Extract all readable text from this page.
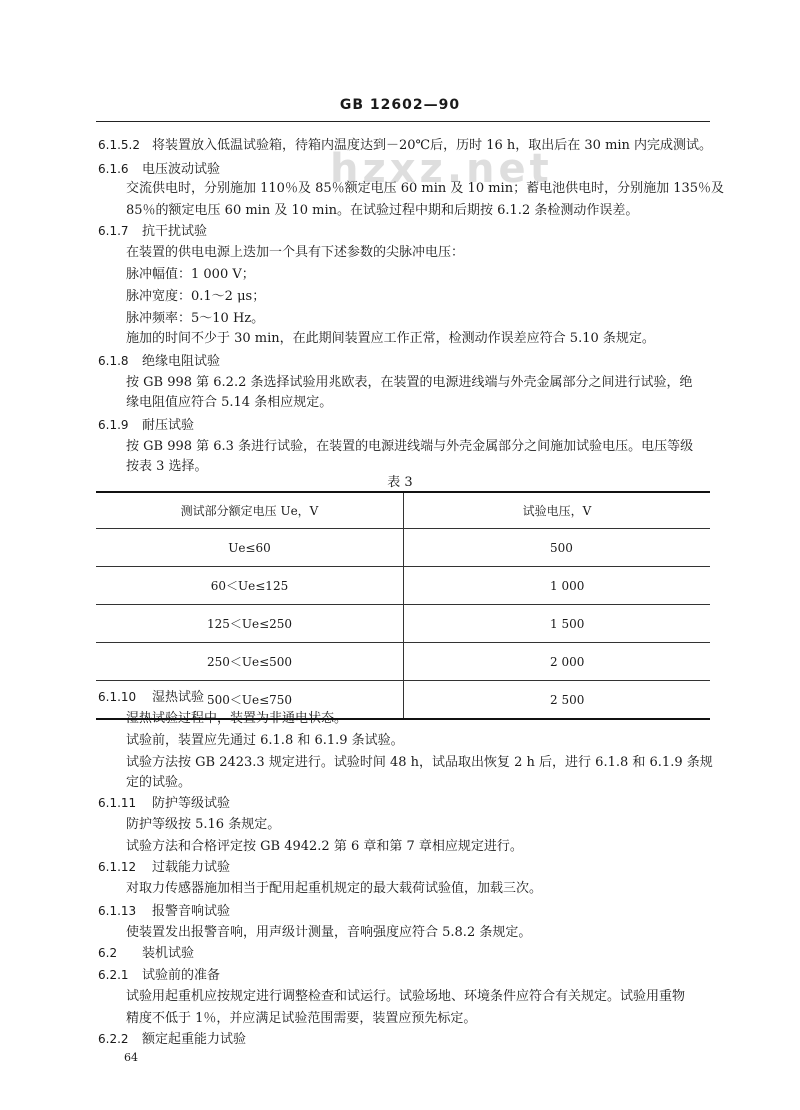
GB 12602—90
hzxz.net
6.1.5.2 将装置放入低温试验箱，待箱内温度达到－20℃后，历时 16 h，取出后在 30 min 内完成测试。
6.1.6 电压波动试验
交流供电时，分别施加 110％及 85％额定电压 60 min 及 10 min；蓄电池供电时，分别施加 135％及
85％的额定电压 60 min 及 10 min。在试验过程中期和后期按 6.1.2 条检测动作误差。
6.1.7 抗干扰试验
在装置的供电电源上迭加一个具有下述参数的尖脉冲电压：
脉冲幅值：1 000 V；
脉冲宽度：0.1～2 μs；
脉冲频率：5～10 Hz。
施加的时间不少于 30 min，在此期间装置应工作正常，检测动作误差应符合 5.10 条规定。
6.1.8 绝缘电阻试验
按 GB 998 第 6.2.2 条选择试验用兆欧表，在装置的电源进线端与外壳金属部分之间进行试验，绝
缘电阻值应符合 5.14 条相应规定。
6.1.9 耐压试验
按 GB 998 第 6.3 条进行试验，在装置的电源进线端与外壳金属部分之间施加试验电压。电压等级
按表 3 选择。
6.1.10 湿热试验
湿热试验过程中，装置为非通电状态。
试验前，装置应先通过 6.1.8 和 6.1.9 条试验。
试验方法按 GB 2423.3 规定进行。试验时间 48 h，试品取出恢复 2 h 后，进行 6.1.8 和 6.1.9 条规
定的试验。
6.1.11 防护等级试验
防护等级按 5.16 条规定。
试验方法和合格评定按 GB 4942.2 第 6 章和第 7 章相应规定进行。
6.1.12 过载能力试验
对取力传感器施加相当于配用起重机规定的最大载荷试验值，加载三次。
6.1.13 报警音响试验
使装置发出报警音响，用声级计测量，音响强度应符合 5.8.2 条规定。
6.2 装机试验
6.2.1 试验前的准备
试验用起重机应按规定进行调整检查和试运行。试验场地、环境条件应符合有关规定。试验用重物
精度不低于 1％，并应满足试验范围需要，装置应预先标定。
6.2.2 额定起重能力试验
表 3
测试部分额定电压 Ue，V	试验电压，V
Ue≤60	500
60＜Ue≤125	1 000
125＜Ue≤250	1 500
250＜Ue≤500	2 000
500＜Ue≤750	2 500
64
